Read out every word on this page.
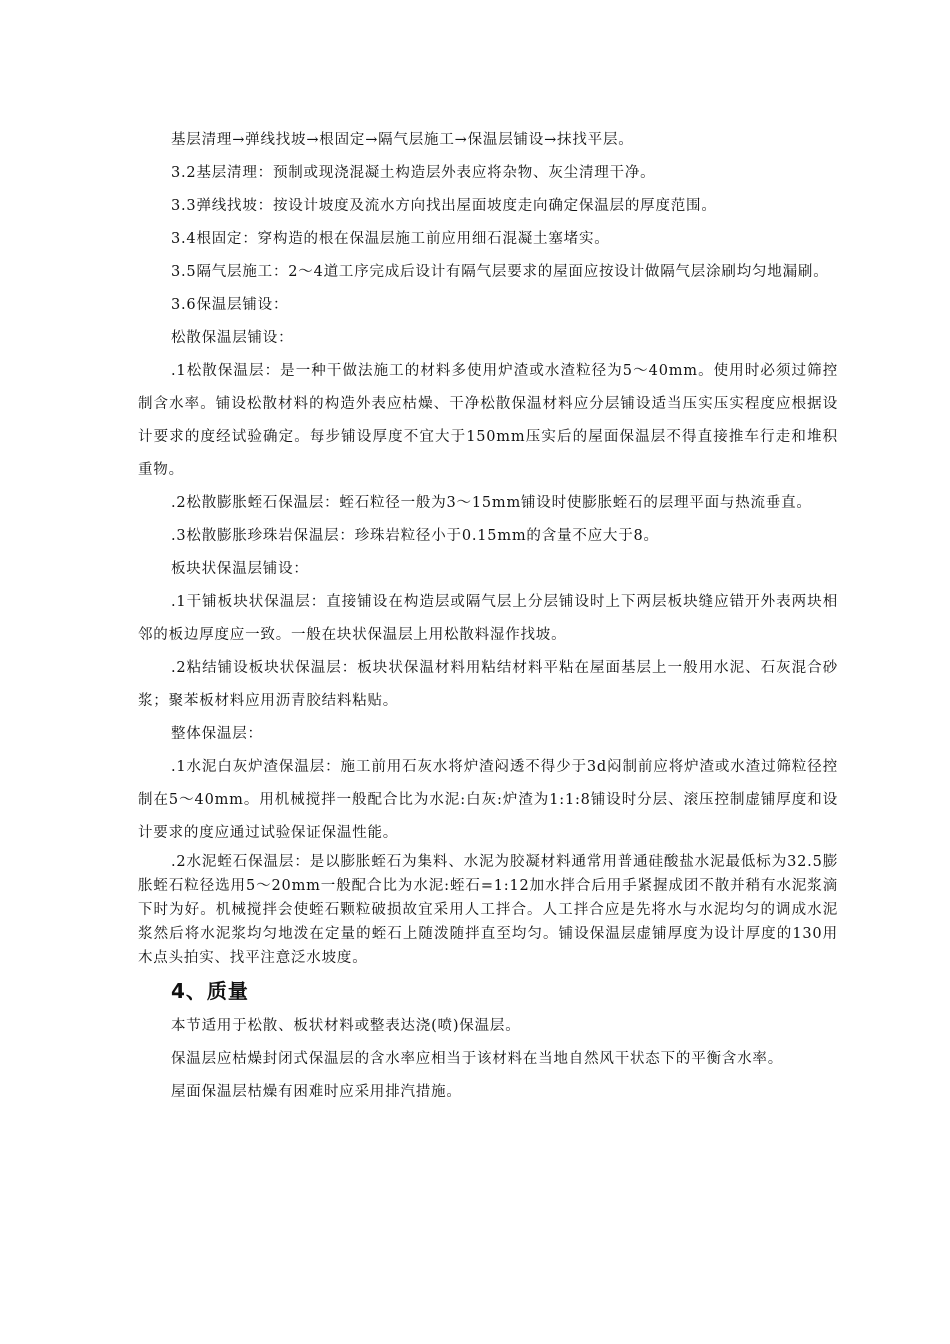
基层清理→弹线找坡→根固定→隔气层施工→保温层铺设→抹找平层。

3.2基层清理：预制或现浇混凝土构造层外表应将杂物、灰尘清理干净。

3.3弹线找坡：按设计坡度及流水方向找出屋面坡度走向确定保温层的厚度范围。

3.4根固定：穿构造的根在保温层施工前应用细石混凝土塞堵实。

3.5隔气层施工：2～4道工序完成后设计有隔气层要求的屋面应按设计做隔气层涂刷均匀地漏刷。

3.6保温层铺设：

松散保温层铺设：

.1松散保温层：是一种干做法施工的材料多使用炉渣或水渣粒径为5～40mm。使用时必须过筛控制含水率。铺设松散材料的构造外表应枯燥、干净松散保温材料应分层铺设适当压实压实程度应根据设计要求的度经试验确定。每步铺设厚度不宜大于150mm压实后的屋面保温层不得直接推车行走和堆积重物。

.2松散膨胀蛭石保温层：蛭石粒径一般为3～15mm铺设时使膨胀蛭石的层理平面与热流垂直。

.3松散膨胀珍珠岩保温层：珍珠岩粒径小于0.15mm的含量不应大于8。

板块状保温层铺设：

.1干铺板块状保温层：直接铺设在构造层或隔气层上分层铺设时上下两层板块缝应错开外表两块相邻的板边厚度应一致。一般在块状保温层上用松散料湿作找坡。

.2粘结铺设板块状保温层：板块状保温材料用粘结材料平粘在屋面基层上一般用水泥、石灰混合砂浆；聚苯板材料应用沥青胶结料粘贴。

整体保温层：

.1水泥白灰炉渣保温层：施工前用石灰水将炉渣闷透不得少于3d闷制前应将炉渣或水渣过筛粒径控制在5～40mm。用机械搅拌一般配合比为水泥:白灰:炉渣为1:1:8铺设时分层、滚压控制虚铺厚度和设计要求的度应通过试验保证保温性能。

.2水泥蛭石保温层：是以膨胀蛭石为集料、水泥为胶凝材料通常用普通硅酸盐水泥最低标为32.5膨胀蛭石粒径选用5～20mm一般配合比为水泥:蛭石=1:12加水拌合后用手紧握成团不散并稍有水泥浆滴下时为好。机械搅拌会使蛭石颗粒破损故宜采用人工拌合。人工拌合应是先将水与水泥均匀的调成水泥浆然后将水泥浆均匀地泼在定量的蛭石上随泼随拌直至均匀。铺设保温层虚铺厚度为设计厚度的130用木点头拍实、找平注意泛水坡度。

4、质量

本节适用于松散、板状材料或整表达浇(喷)保温层。

保温层应枯燥封闭式保温层的含水率应相当于该材料在当地自然风干状态下的平衡含水率。

屋面保温层枯燥有困难时应采用排汽措施。
